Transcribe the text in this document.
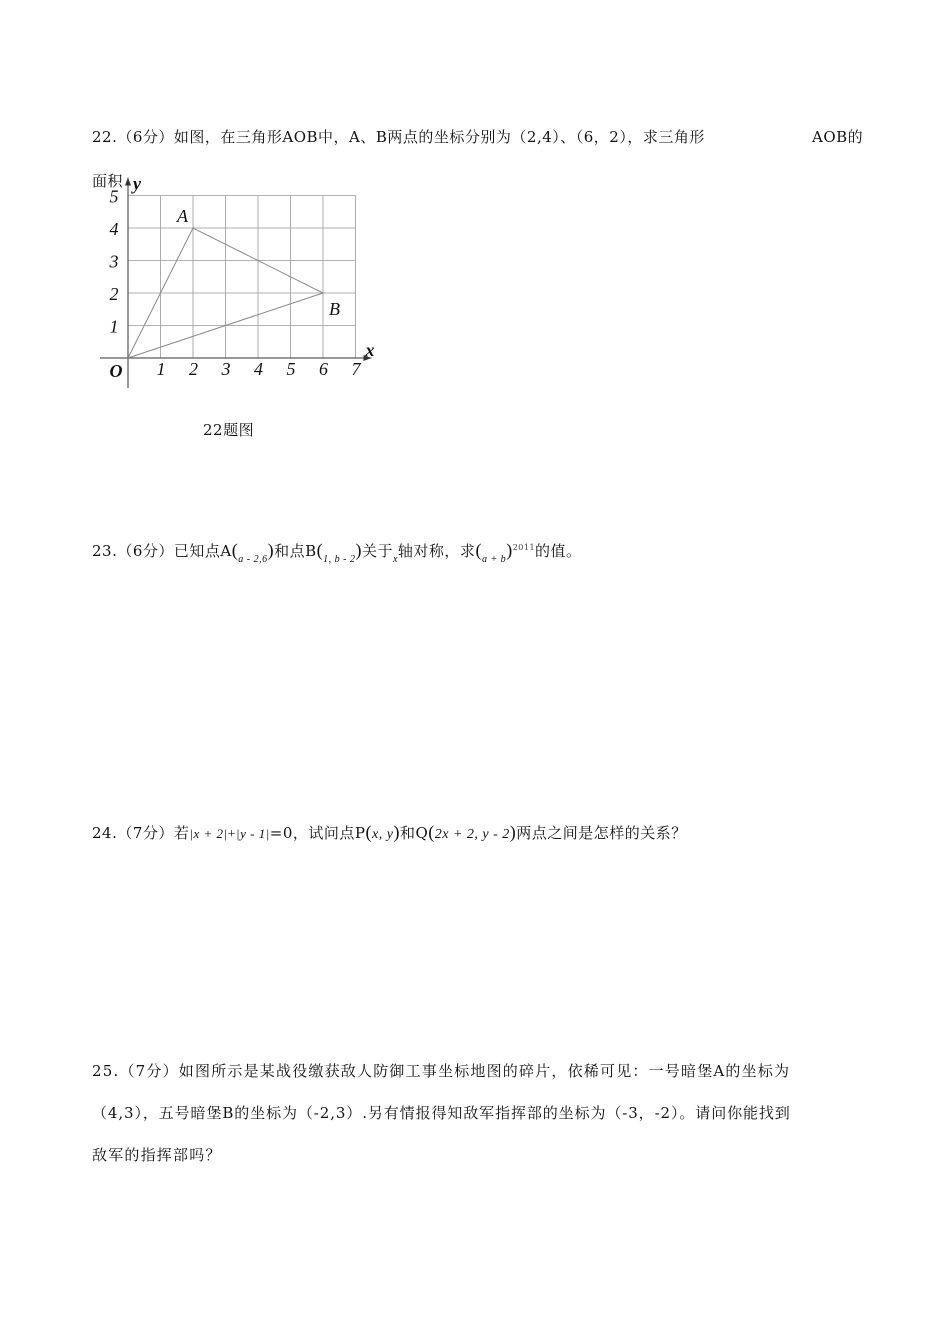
22.（6分）如图，在三角形AOB中，A、B两点的坐标分别为（2,4）、（6，2），求三角形	AOB的
面积
1 2 3 4 5 6 7
1
2
3
4
5
O
y
x
A
B
22题图
23.（6分）已知点$A(_{a - 2,6})$和点$B(_{1, b - 2})$关于$_x$轴对称，求$(_{a + b})^{2011}$的值。
24.（7分）若|x + 2|+|y - 1|=0，试问点P(x, y)和Q(2x + 2, y - 2)两点之间是怎样的关系？
25.（7分）如图所示是某战役缴获敌人防御工事坐标地图的碎片，依稀可见：一号暗堡A的坐标为
（4,3），五号暗堡B的坐标为（-2,3）.另有情报得知敌军指挥部的坐标为（-3，-2）。请问你能找到
敌军的指挥部吗？
